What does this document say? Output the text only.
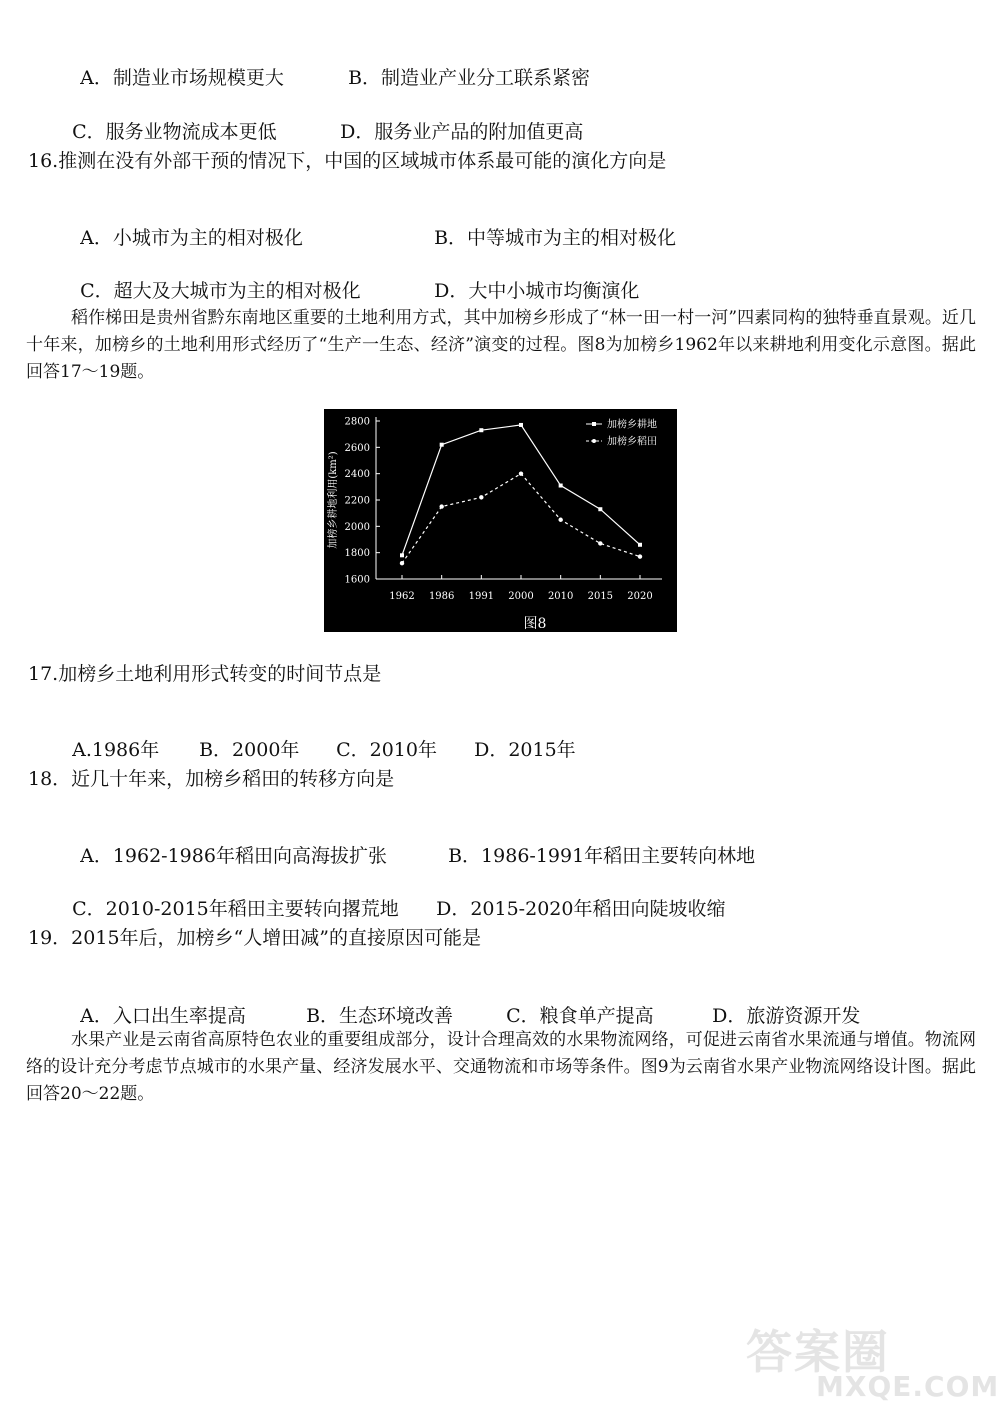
A．制造业市场规模更大	B．制造业产业分工联系紧密

C．服务业物流成本更低	D．服务业产品的附加值更高

16.推测在没有外部干预的情况下，中国的区域城市体系最可能的演化方向是

A．小城市为主的相对极化	B．中等城市为主的相对极化

C．超大及大城市为主的相对极化	D．大中小城市均衡演化

稻作梯田是贵州省黔东南地区重要的土地利用方式，其中加榜乡形成了“林一田一村一河”四素同构的独特垂直景观。近几十年来，加榜乡的土地利用形式经历了“生产一生态、经济”演变的过程。图8为加榜乡1962年以来耕地利用变化示意图。据此回答17～19题。
1600
1800
2000
2200
2400
2600
2800
1962 1986 1991 2000 2010 2015 2020
加榜乡耕地利用(km²)
加榜乡耕地
加榜乡稻田
图8
17.加榜乡土地利用形式转变的时间节点是

A.1986年 B．2000年 C．2010年 D．2015年

18．近几十年来，加榜乡稻田的转移方向是

A．1962-1986年稻田向高海拔扩张	B．1986-1991年稻田主要转向林地

C．2010-2015年稻田主要转向撂荒地 D．2015-2020年稻田向陡坡收缩

19．2015年后，加榜乡“人增田减”的直接原因可能是

A．入口出生率提高	B．生态环境改善	C．粮食单产提高	D．旅游资源开发

水果产业是云南省高原特色农业的重要组成部分，设计合理高效的水果物流网络，可促进云南省水果流通与增值。物流网络的设计充分考虑节点城市的水果产量、经济发展水平、交通物流和市场等条件。图9为云南省水果产业物流网络设计图。据此回答20～22题。
答案圈
MXQE.COM
